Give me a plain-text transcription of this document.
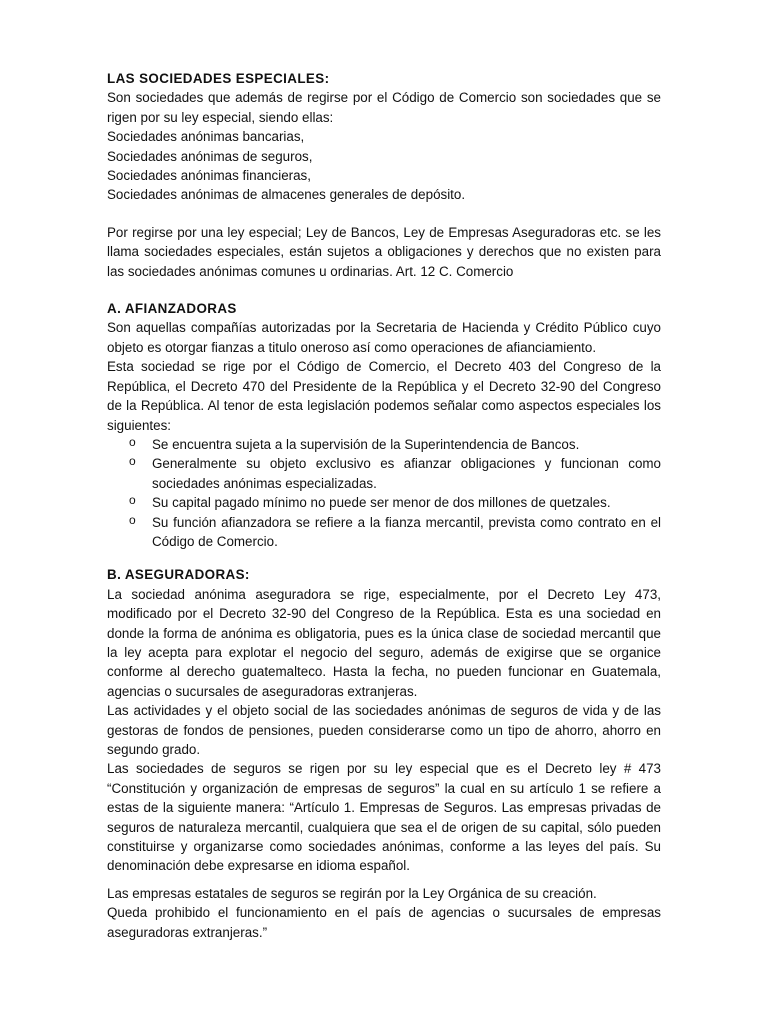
LAS SOCIEDADES ESPECIALES:

Son sociedades que además de regirse por el Código de Comercio son sociedades que se rigen por su ley especial, siendo ellas:

Sociedades anónimas bancarias,

Sociedades anónimas de seguros,

Sociedades anónimas financieras,

Sociedades anónimas de almacenes generales de depósito.

Por regirse por una ley especial; Ley de Bancos, Ley de Empresas Aseguradoras etc. se les llama sociedades especiales, están sujetos a obligaciones y derechos que no existen para las sociedades anónimas comunes u ordinarias. Art. 12 C. Comercio

A. AFIANZADORAS

Son aquellas compañías autorizadas por la Secretaria de Hacienda y Crédito Público cuyo objeto es otorgar fianzas a titulo oneroso así como operaciones de afianciamiento.

Esta sociedad se rige por el Código de Comercio, el Decreto 403 del Congreso de la República, el Decreto 470 del Presidente de la República y el Decreto 32-90 del Congreso de la República. Al tenor de esta legislación podemos señalar como aspectos especiales los siguientes:

o Se encuentra sujeta a la supervisión de la Superintendencia de Bancos.

o Generalmente su objeto exclusivo es afianzar obligaciones y funcionan como sociedades anónimas especializadas.

o Su capital pagado mínimo no puede ser menor de dos millones de quetzales.

o Su función afianzadora se refiere a la fianza mercantil, prevista como contrato en el Código de Comercio.

B. ASEGURADORAS:

La sociedad anónima aseguradora se rige, especialmente, por el Decreto Ley 473, modificado por el Decreto 32-90 del Congreso de la República. Esta es una sociedad en donde la forma de anónima es obligatoria, pues es la única clase de sociedad mercantil que la ley acepta para explotar el negocio del seguro, además de exigirse que se organice conforme al derecho guatemalteco. Hasta la fecha, no pueden funcionar en Guatemala, agencias o sucursales de aseguradoras extranjeras.

Las actividades y el objeto social de las sociedades anónimas de seguros de vida y de las gestoras de fondos de pensiones, pueden considerarse como un tipo de ahorro, ahorro en segundo grado.

Las sociedades de seguros se rigen por su ley especial que es el Decreto ley # 473 “Constitución y organización de empresas de seguros” la cual en su artículo 1 se refiere a estas de la siguiente manera: “Artículo 1. Empresas de Seguros. Las empresas privadas de seguros de naturaleza mercantil, cualquiera que sea el de origen de su capital, sólo pueden constituirse y organizarse como sociedades anónimas, conforme a las leyes del país. Su denominación debe expresarse en idioma español.

Las empresas estatales de seguros se regirán por la Ley Orgánica de su creación.

Queda prohibido el funcionamiento en el país de agencias o sucursales de empresas aseguradoras extranjeras.”
